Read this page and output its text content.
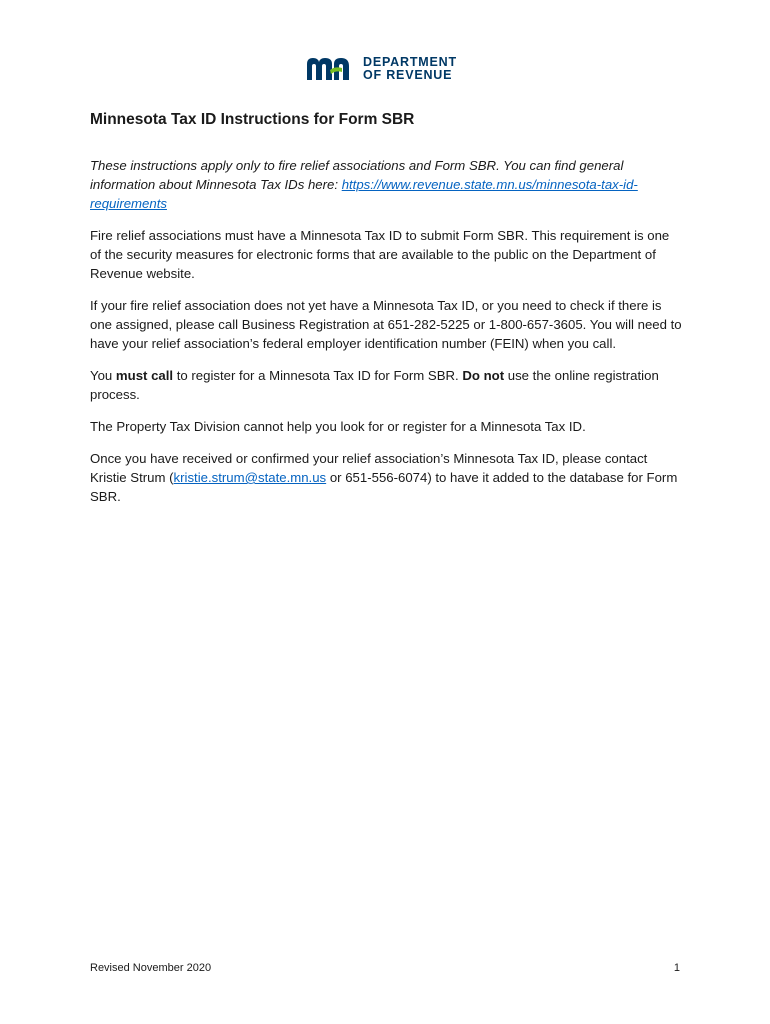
DEPARTMENT
OF REVENUE
Minnesota Tax ID Instructions for Form SBR

These instructions apply only to fire relief associations and Form SBR. You can find general information about Minnesota Tax IDs here: https://www.revenue.state.mn.us/minnesota-tax-id-requirements

Fire relief associations must have a Minnesota Tax ID to submit Form SBR. This requirement is one of the security measures for electronic forms that are available to the public on the Department of Revenue website.

If your fire relief association does not yet have a Minnesota Tax ID, or you need to check if there is one assigned, please call Business Registration at 651-282-5225 or 1-800-657-3605. You will need to have your relief association’s federal employer identification number (FEIN) when you call.

You must call to register for a Minnesota Tax ID for Form SBR. Do not use the online registration process.

The Property Tax Division cannot help you look for or register for a Minnesota Tax ID.

Once you have received or confirmed your relief association’s Minnesota Tax ID, please contact Kristie Strum (kristie.strum@state.mn.us or 651-556-6074) to have it added to the database for Form SBR.

Revised November 2020	1
